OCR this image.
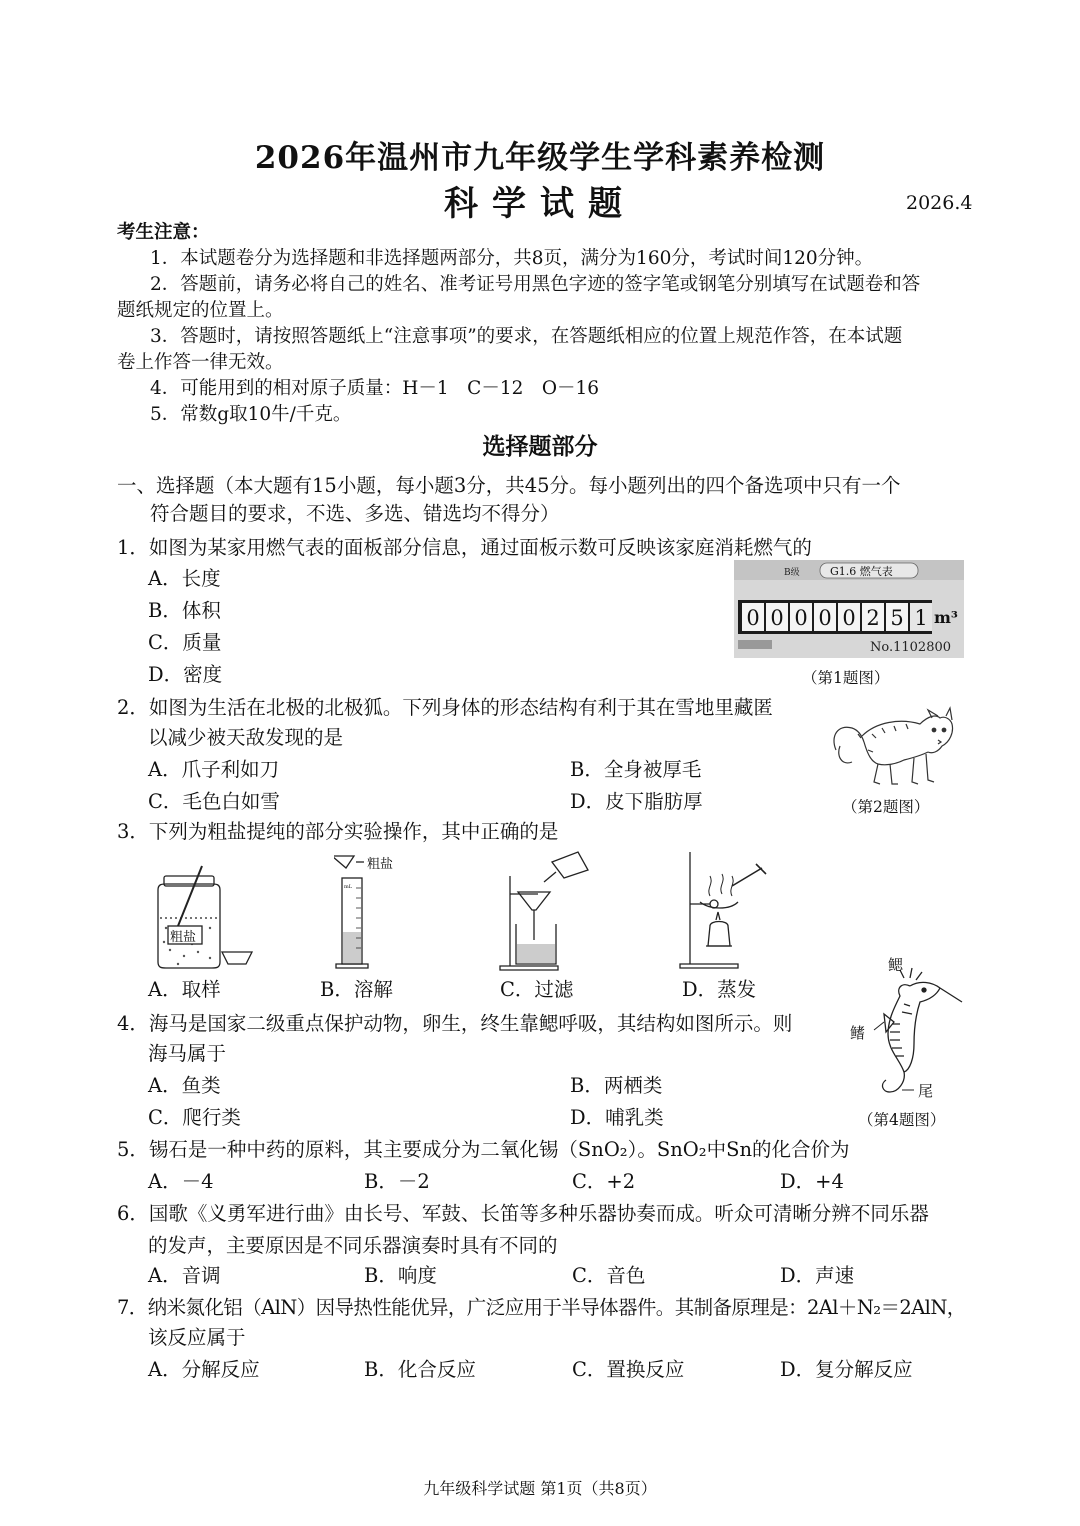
2026年温州市九年级学生学科素养检测
科学试题	2026.4
考生注意：
1．本试题卷分为选择题和非选择题两部分，共8页，满分为160分，考试时间120分钟。
2．答题前，请务必将自己的姓名、准考证号用黑色字迹的签字笔或钢笔分别填写在试题卷和答
题纸规定的位置上。
3．答题时，请按照答题纸上“注意事项”的要求，在答题纸相应的位置上规范作答，在本试题
卷上作答一律无效。
4．可能用到的相对原子质量：H－1　C－12　O－16
5．常数g取10牛/千克。
选择题部分
一、选择题（本大题有15小题，每小题3分，共45分。每小题列出的四个备选项中只有一个
符合题目的要求，不选、多选、错选均不得分）
1．如图为某家用燃气表的面板部分信息，通过面板示数可反映该家庭消耗燃气的
A．长度
B．体积
C．质量
D．密度
B级	G1.6 燃气表
0 0 0 0 0 2 5 1 m³
No.1102800
（第1题图）
2．如图为生活在北极的北极狐。下列身体的形态结构有利于其在雪地里藏匿
以减少被天敌发现的是
A．爪子利如刀	B．全身被厚毛
C．毛色白如雪	D．皮下脂肪厚	（第2题图）
3．下列为粗盐提纯的部分实验操作，其中正确的是
粗盐
粗盐
mL
A．取样	B．溶解	C．过滤	D．蒸发
4．海马是国家二级重点保护动物，卵生，终生靠鳃呼吸，其结构如图所示。则
海马属于
A．鱼类	B．两栖类
C．爬行类	D．哺乳类
鳃
鳍
尾
（第4题图）
5．锡石是一种中药的原料，其主要成分为二氧化锡（SnO₂）。SnO₂中Sn的化合价为
A．－4	B．－2	C．+2	D．+4
6．国歌《义勇军进行曲》由长号、军鼓、长笛等多种乐器协奏而成。听众可清晰分辨不同乐器
的发声，主要原因是不同乐器演奏时具有不同的
A．音调	B．响度	C．音色	D．声速
7．纳米氮化铝（AlN）因导热性能优异，广泛应用于半导体器件。其制备原理是：2Al＋N₂＝2AlN，
该反应属于
A．分解反应	B．化合反应	C．置换反应	D．复分解反应
九年级科学试题 第1页（共8页）
